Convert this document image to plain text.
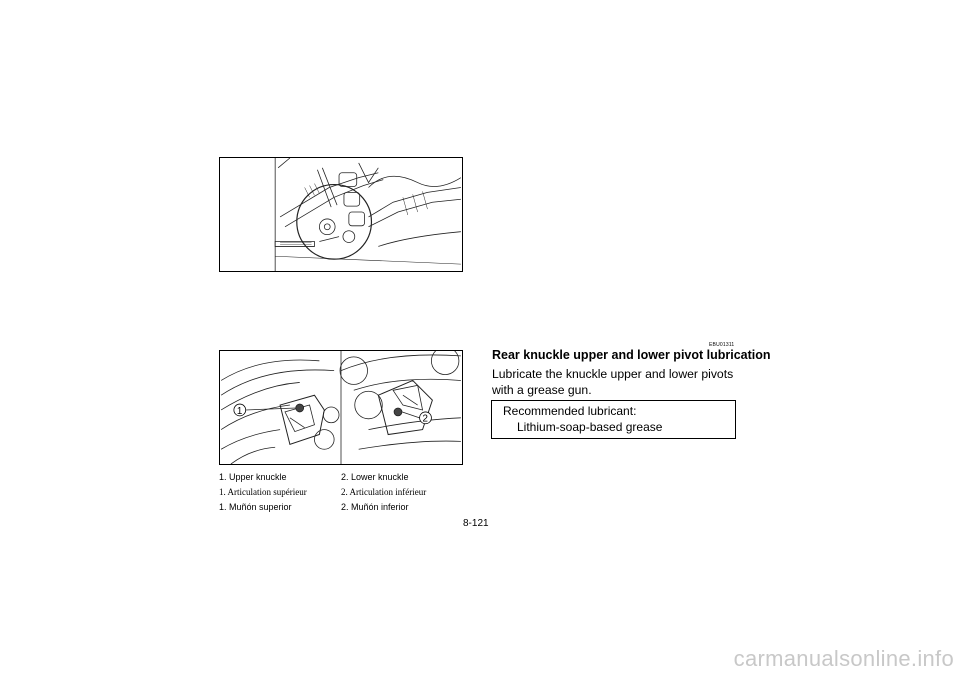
1
2
1. Upper knuckle	2. Lower knuckle
1. Articulation supérieur	2. Articulation inférieur
1. Muñón superior	2. Muñón inferior
EBU01311
Rear knuckle upper and lower pivot lubrication
Lubricate the knuckle upper and lower pivots with a grease gun.
Recommended lubricant:
Lithium-soap-based grease
8-121
carmanualsonline.info
